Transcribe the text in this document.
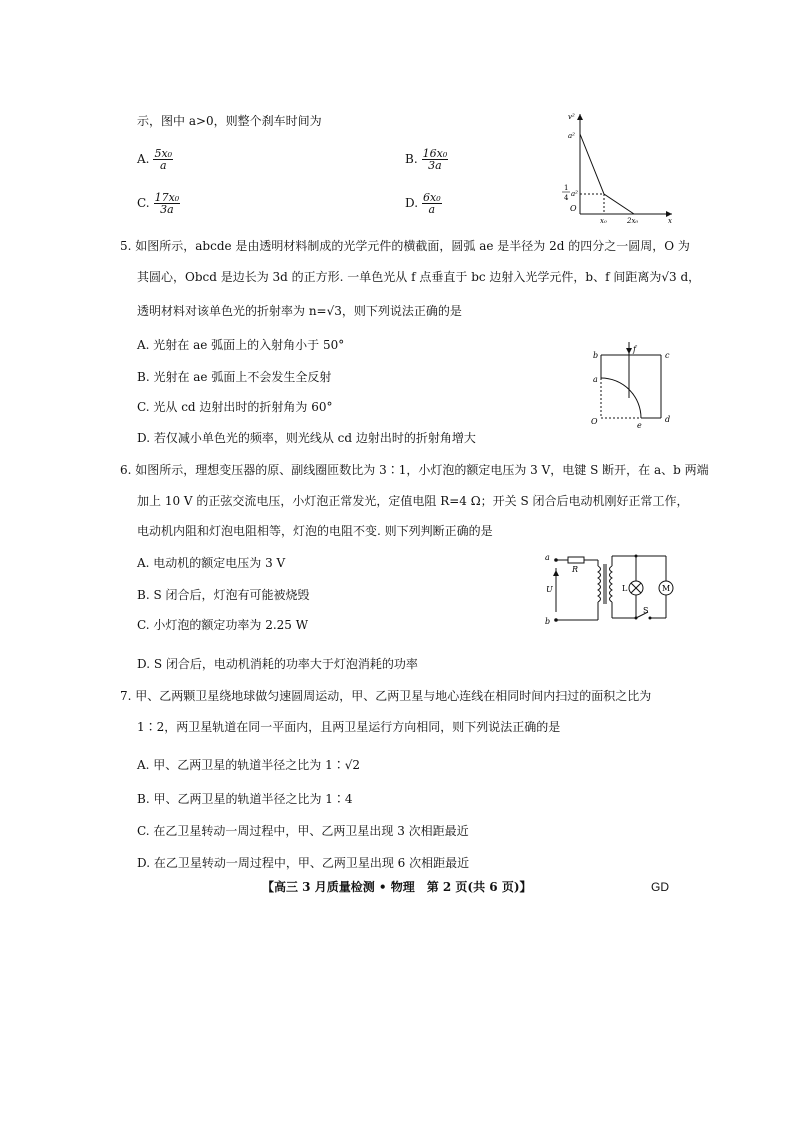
示，图中 a>0，则整个刹车时间为
A. $\frac{\text{5x₀}}{a}$	B. $\frac{\text{16x₀}}{3a}$
C. $\frac{\text{17x₀}}{3a}$	D. $\frac{\text{6x₀}}{a}$
v²
a²
1
4 a²
O
x₀	2x₀	x
5. 如图所示，abcde 是由透明材料制成的光学元件的横截面，圆弧 ae 是半径为 2d 的四分之一圆周，O 为
其圆心，Obcd 是边长为 3d 的正方形. 一单色光从 f 点垂直于 bc 边射入光学元件，b、f 间距离为√3 d，
透明材料对该单色光的折射率为 n=√3，则下列说法正确的是
A. 光射在 ae 弧面上的入射角小于 50°
B. 光射在 ae 弧面上不会发生全反射
C. 光从 cd 边射出时的折射角为 60°
D. 若仅减小单色光的频率，则光线从 cd 边射出时的折射角增大
b	c
f
a
O	e
d
6. 如图所示，理想变压器的原、副线圈匝数比为 3∶1，小灯泡的额定电压为 3 V，电键 S 断开，在 a、b 两端
加上 10 V 的正弦交流电压，小灯泡正常发光，定值电阻 R=4 Ω；开关 S 闭合后电动机刚好正常工作，
电动机内阻和灯泡电阻相等，灯泡的电阻不变. 则下列判断正确的是
A. 电动机的额定电压为 3 V
B. S 闭合后，灯泡有可能被烧毁
C. 小灯泡的额定功率为 2.25 W
D. S 闭合后，电动机消耗的功率大于灯泡消耗的功率
a
b
R
U	L	M
S
7. 甲、乙两颗卫星绕地球做匀速圆周运动，甲、乙两卫星与地心连线在相同时间内扫过的面积之比为
1∶2，两卫星轨道在同一平面内，且两卫星运行方向相同，则下列说法正确的是
A. 甲、乙两卫星的轨道半径之比为 1∶√2
B. 甲、乙两卫星的轨道半径之比为 1∶4
C. 在乙卫星转动一周过程中，甲、乙两卫星出现 3 次相距最近
D. 在乙卫星转动一周过程中，甲、乙两卫星出现 6 次相距最近
【高三 3 月质量检测 • 物理　第 2 页(共 6 页)】	GD
